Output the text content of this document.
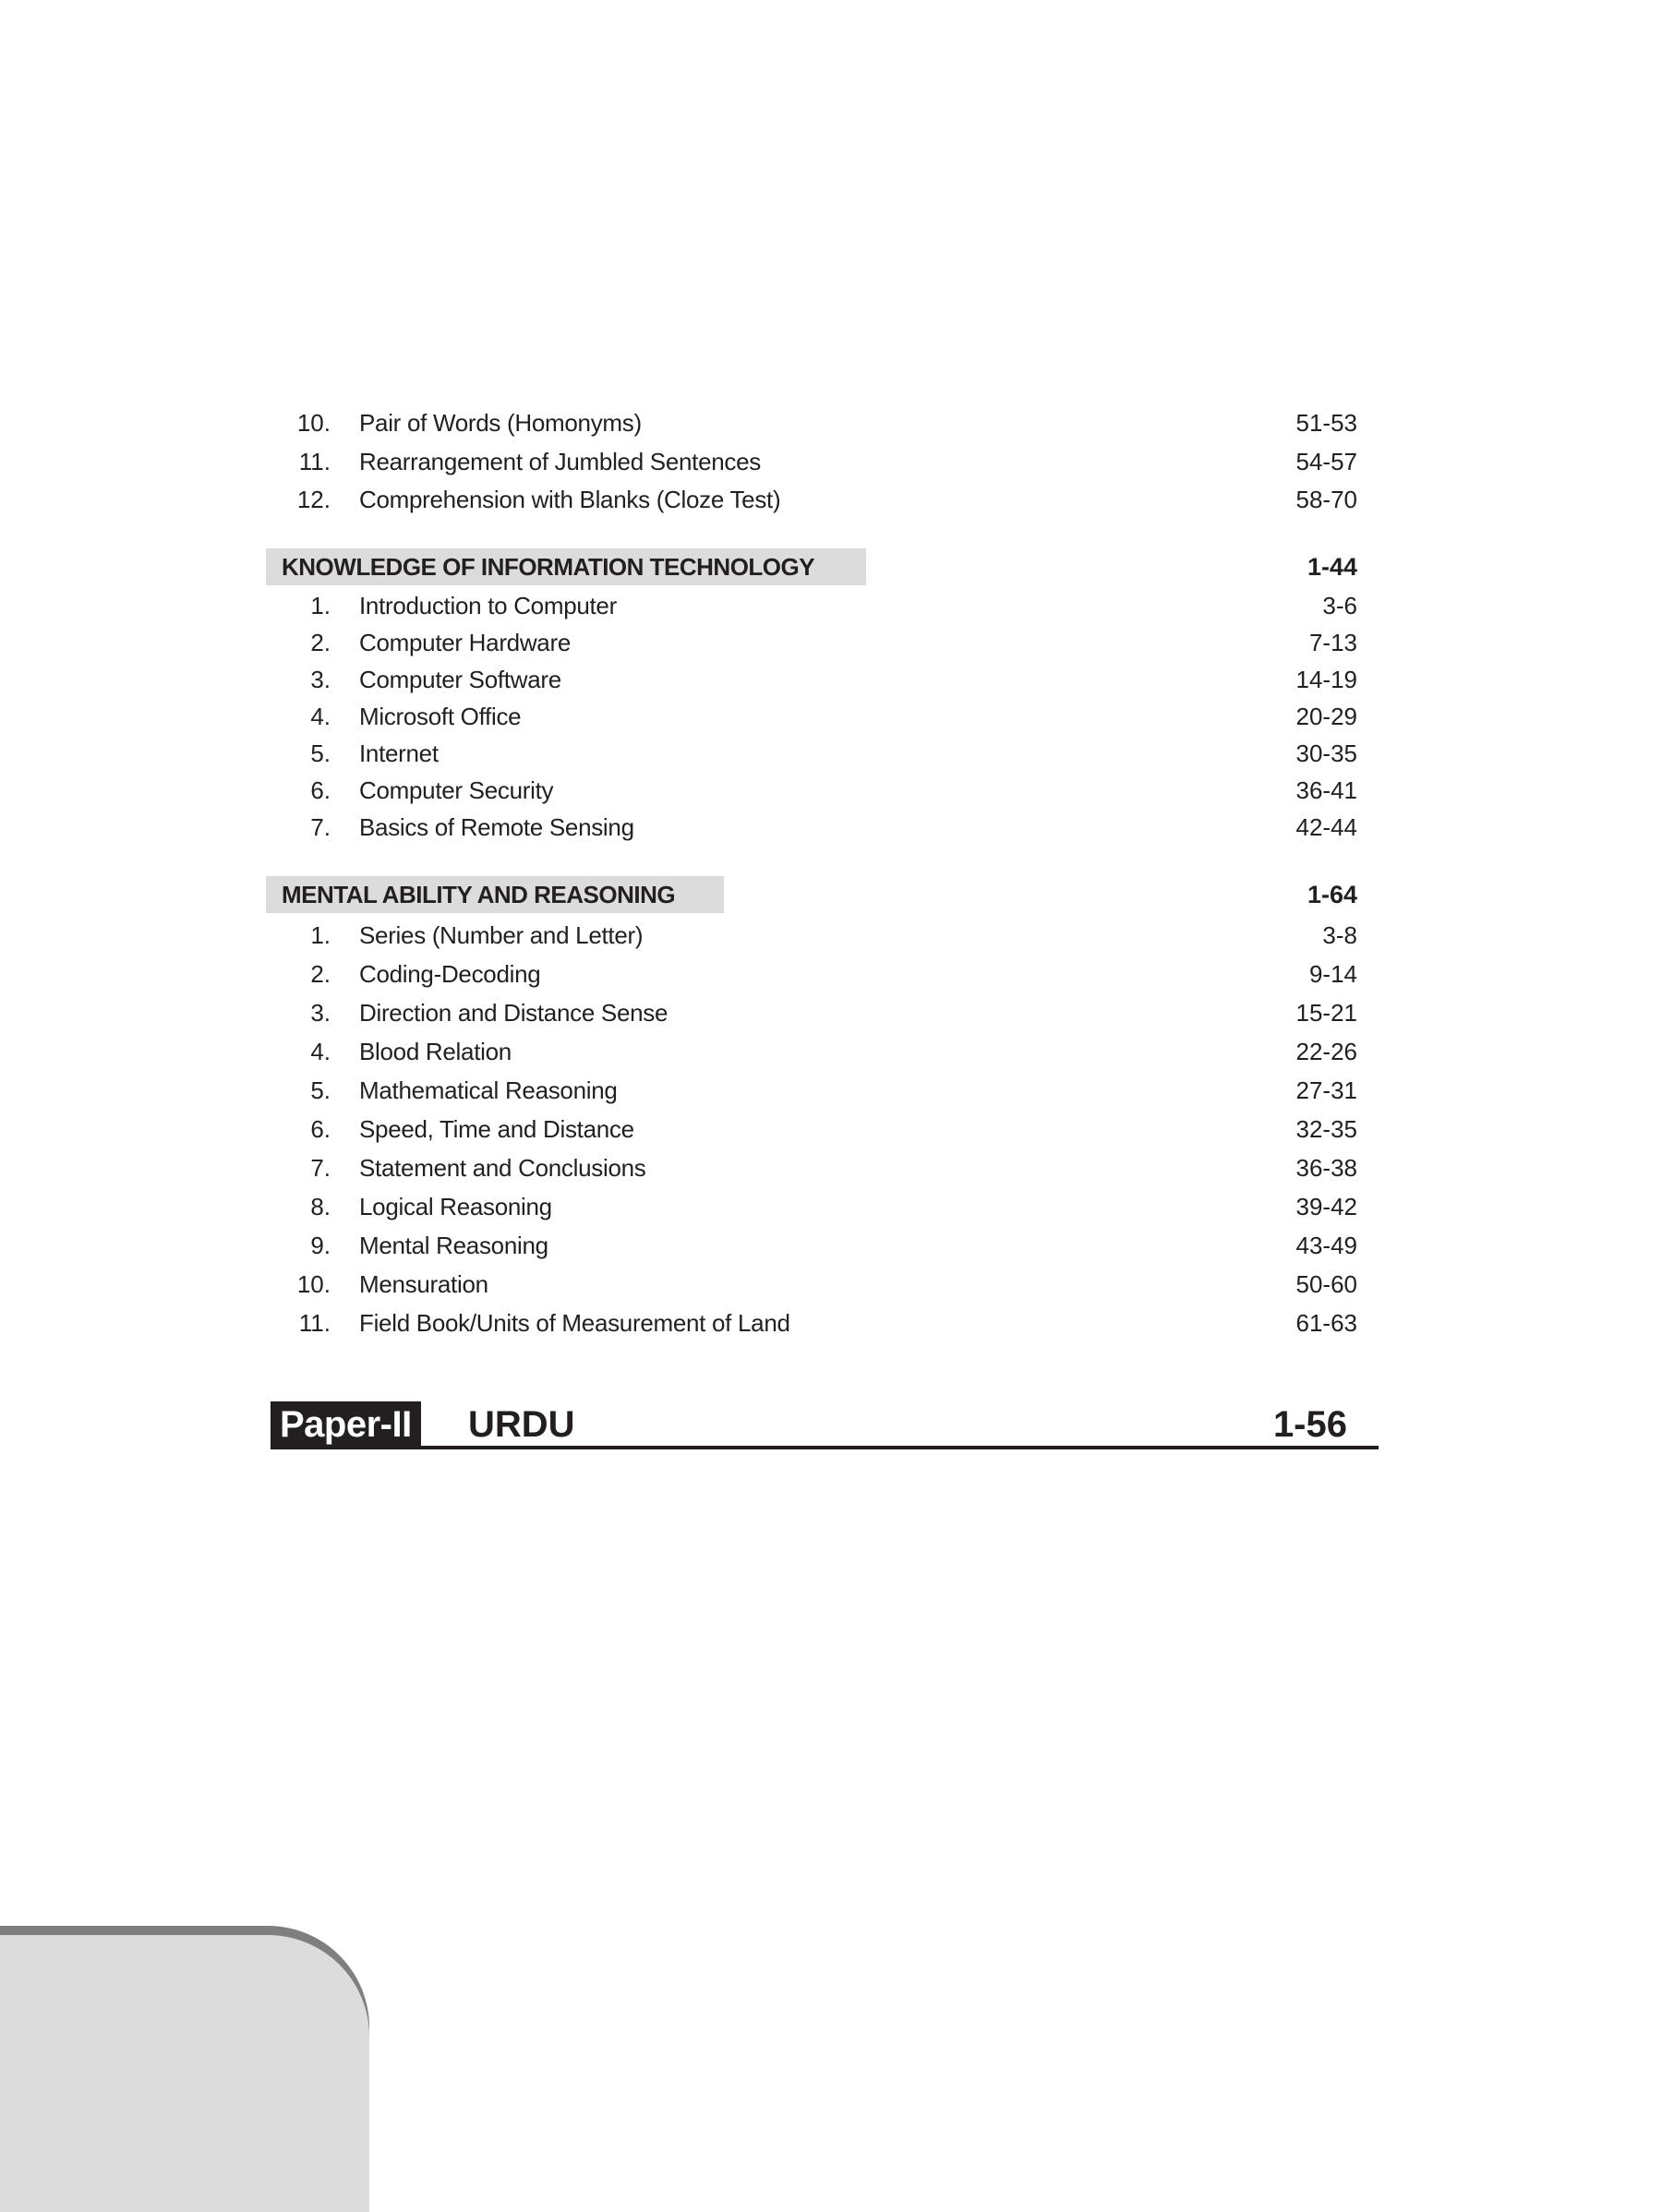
10. Pair of Words (Homonyms)	51-53
11. Rearrangement of Jumbled Sentences	54-57
12. Comprehension with Blanks (Cloze Test)	58-70
KNOWLEDGE OF INFORMATION TECHNOLOGY	1-44
1. Introduction to Computer	3-6
2. Computer Hardware	7-13
3. Computer Software	14-19
4. Microsoft Office	20-29
5. Internet	30-35
6. Computer Security	36-41
7. Basics of Remote Sensing	42-44
MENTAL ABILITY AND REASONING	1-64
1. Series (Number and Letter)	3-8
2. Coding-Decoding	9-14
3. Direction and Distance Sense	15-21
4. Blood Relation	22-26
5. Mathematical Reasoning	27-31
6. Speed, Time and Distance	32-35
7. Statement and Conclusions	36-38
8. Logical Reasoning	39-42
9. Mental Reasoning	43-49
10. Mensuration	50-60
11. Field Book/Units of Measurement of Land	61-63
Paper-II URDU	1-56
